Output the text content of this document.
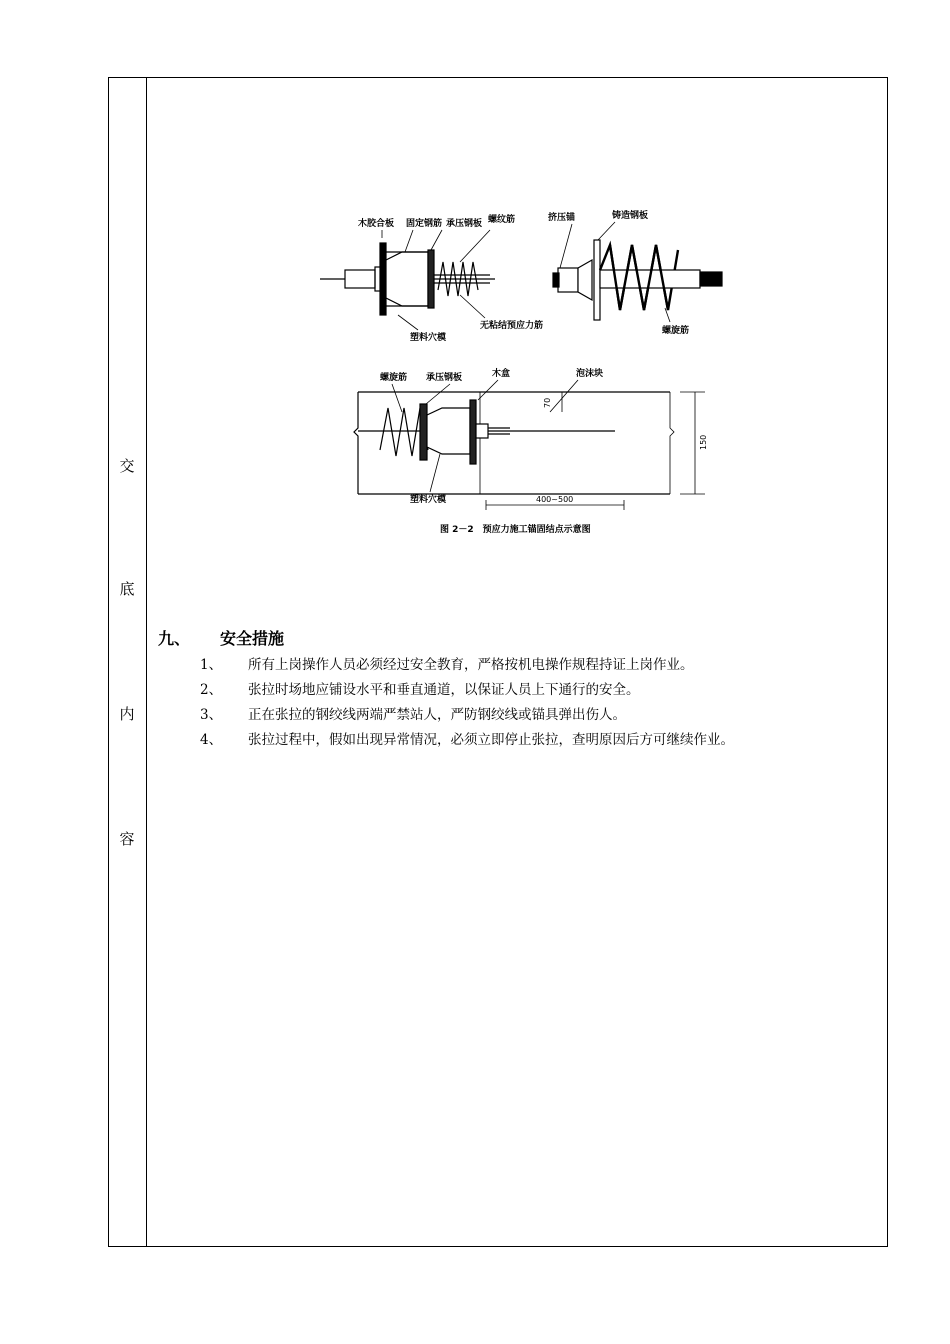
交
底
内
容
木胶合板 固定钢筋 承压钢板 螺纹筋
塑料穴模
无粘结预应力筋
挤压锚	铸造钢板
螺旋筋
螺旋筋 承压钢板	木盒	泡沫块
70
150
塑料穴模	400~500
图 2－2　预应力施工锚固结点示意图
九、 安全措施
1、 所有上岗操作人员必须经过安全教育，严格按机电操作规程持证上岗作业。
2、 张拉时场地应铺设水平和垂直通道，以保证人员上下通行的安全。
3、 正在张拉的钢绞线两端严禁站人，严防钢绞线或锚具弹出伤人。
4、 张拉过程中，假如出现异常情况，必须立即停止张拉，查明原因后方可继续作业。
